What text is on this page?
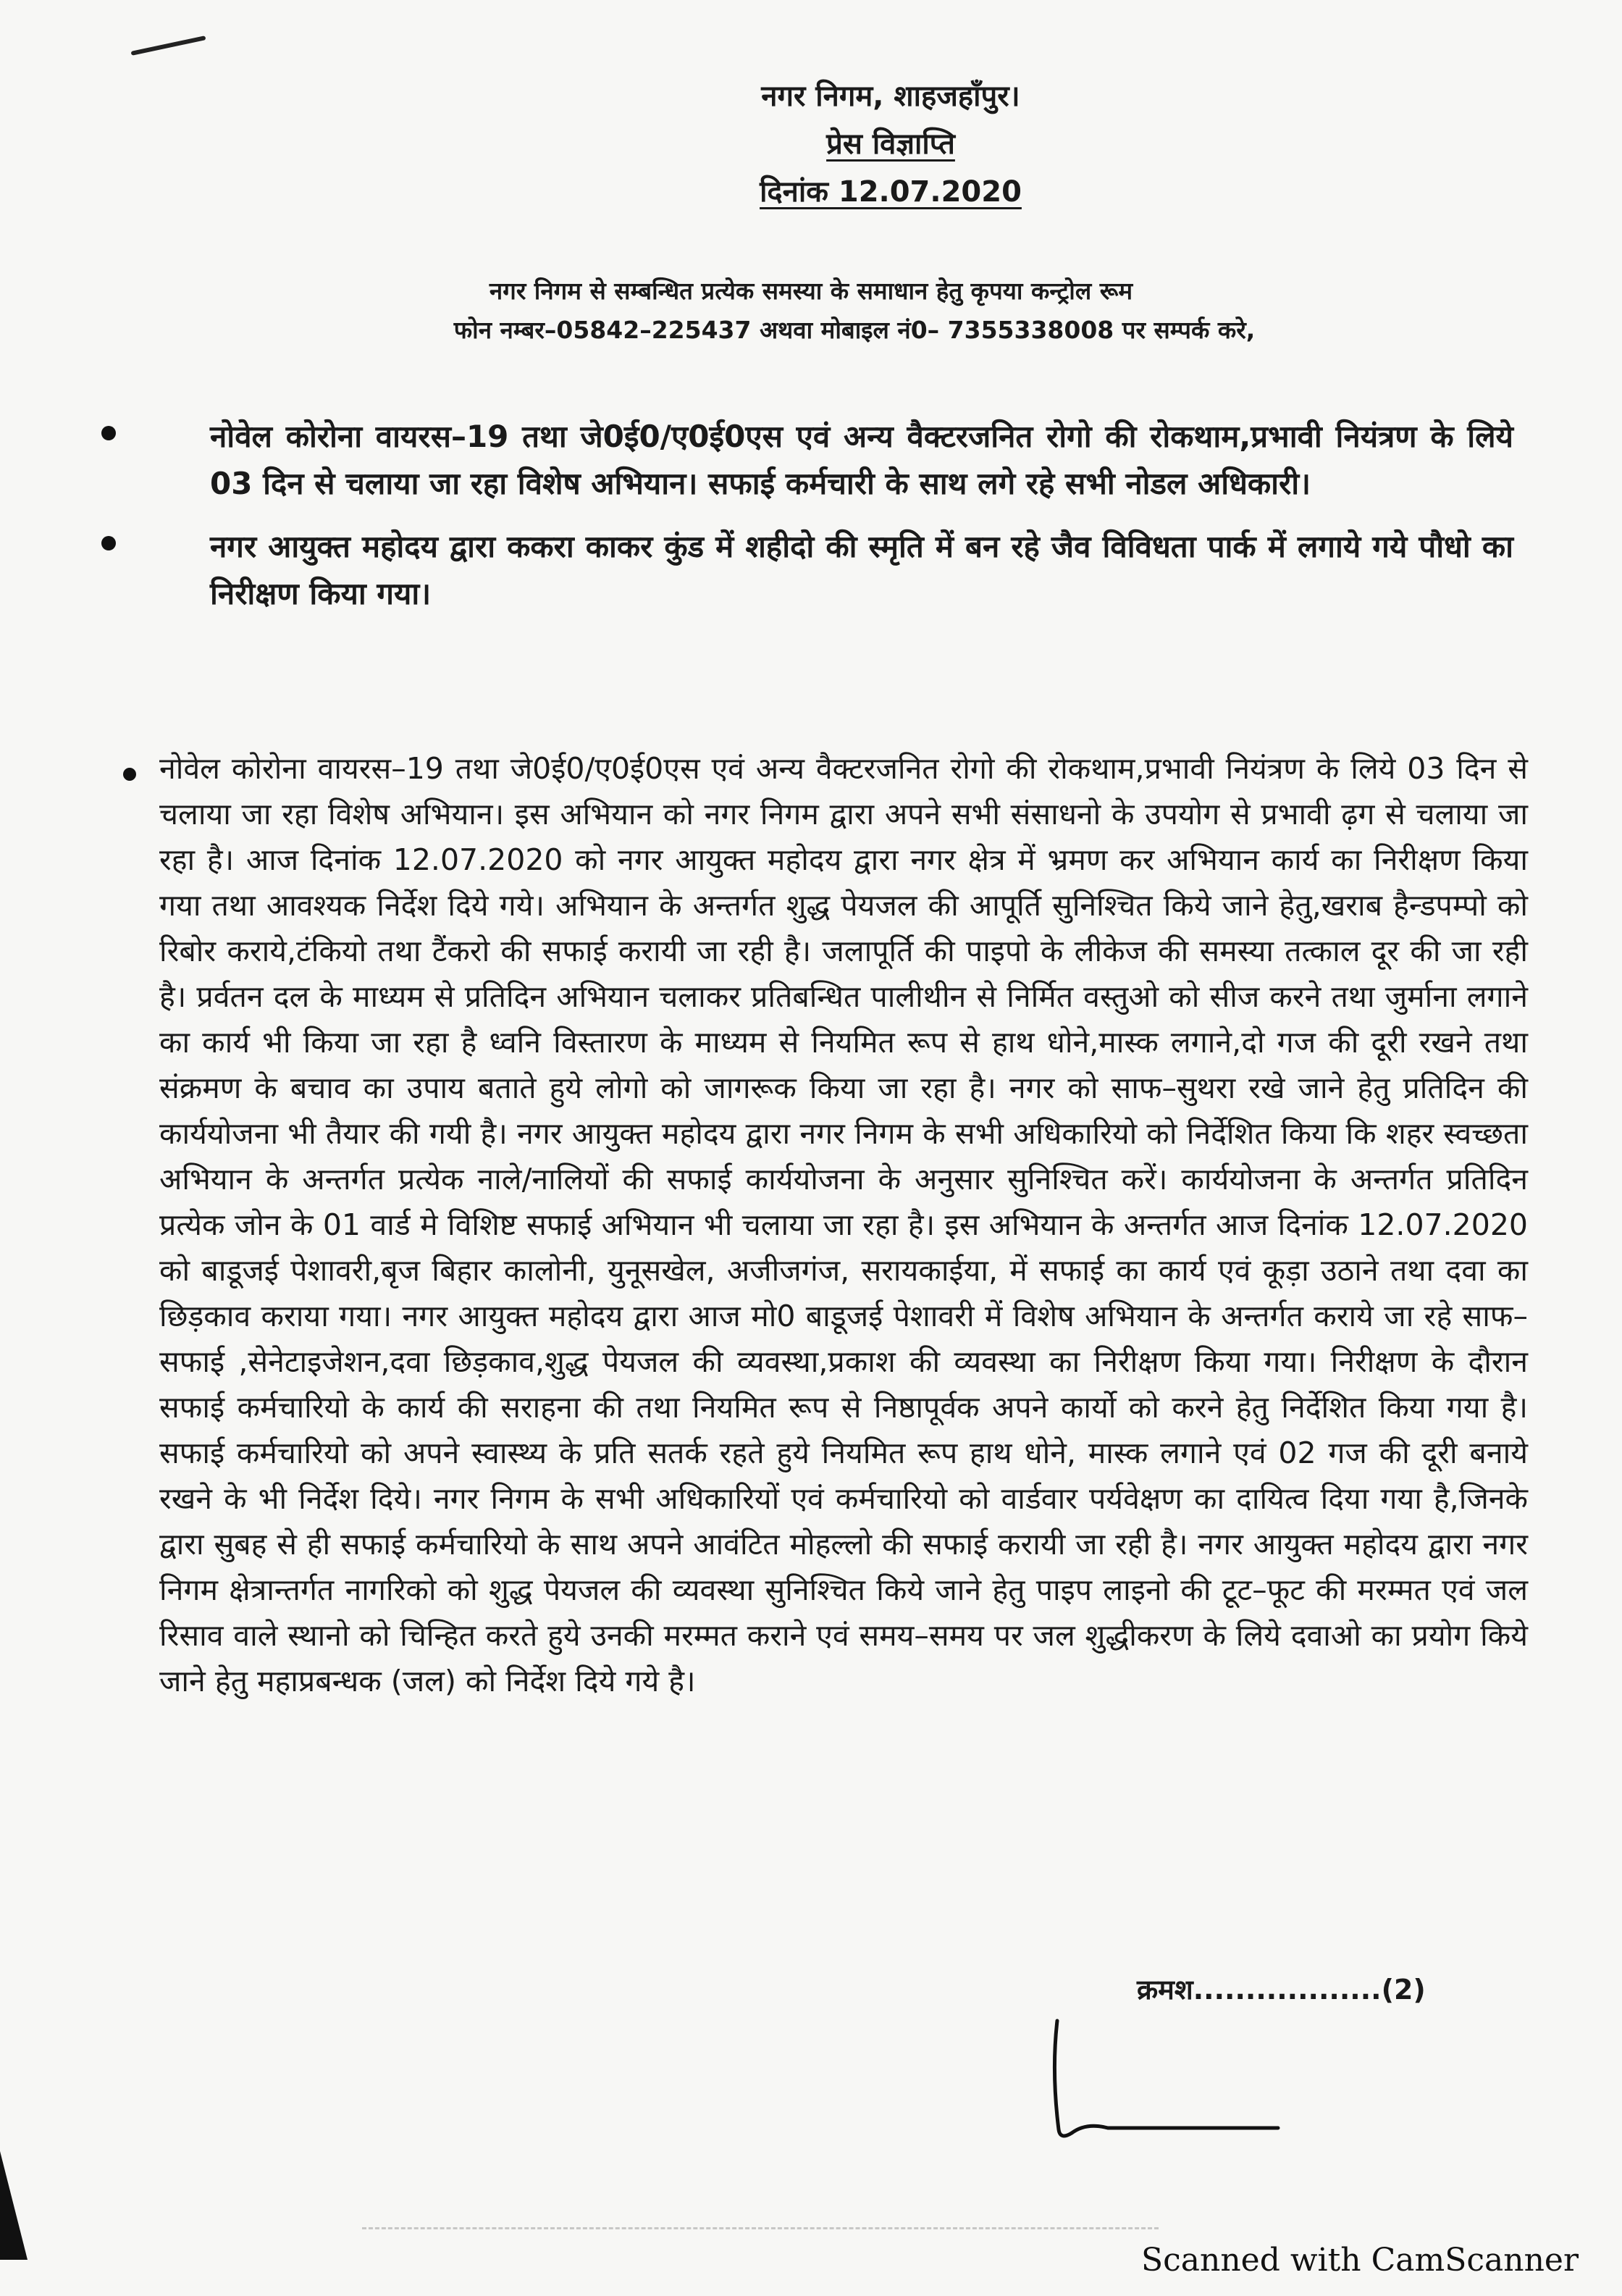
नगर निगम, शाहजहाँपुर।
प्रेस विज्ञाप्ति
दिनांक 12.07.2020
नगर निगम से सम्बन्धित प्रत्येक समस्या के समाधान हेतु कृपया कन्ट्रोल रूम
फोन नम्बर–05842–225437 अथवा मोबाइल नं0– 7355338008 पर सम्पर्क करे,
नोवेल कोरोना वायरस–19 तथा जे0ई0/ए0ई0एस एवं अन्य वैक्टरजनित रोगो की रोकथाम,प्रभावी नियंत्रण के लिये 03 दिन से चलाया जा रहा विशेष अभियान। सफाई कर्मचारी के साथ लगे रहे सभी नोडल अधिकारी।
नगर आयुक्त महोदय द्वारा ककरा काकर कुंड में शहीदो की स्मृति में बन रहे जैव विविधता पार्क में लगाये गये पौधो का निरीक्षण किया गया।
नोवेल कोरोना वायरस–19 तथा जे0ई0/ए0ई0एस एवं अन्य वैक्टरजनित रोगो की रोकथाम,प्रभावी नियंत्रण के लिये 03 दिन से चलाया जा रहा विशेष अभियान। इस अभियान को नगर निगम द्वारा अपने सभी संसाधनो के उपयोग से प्रभावी ढ़ग से चलाया जा रहा है। आज दिनांक 12.07.2020 को नगर आयुक्त महोदय द्वारा नगर क्षेत्र में भ्रमण कर अभियान कार्य का निरीक्षण किया गया तथा आवश्यक निर्देश दिये गये। अभियान के अन्तर्गत शुद्ध पेयजल की आपूर्ति सुनिश्चित किये जाने हेतु,खराब हैन्डपम्पो को रिबोर कराये,टंकियो तथा टैंकरो की सफाई करायी जा रही है। जलापूर्ति की पाइपो के लीकेज की समस्या तत्काल दूर की जा रही है। प्रर्वतन दल के माध्यम से प्रतिदिन अभियान चलाकर प्रतिबन्धित पालीथीन से निर्मित वस्तुओ को सीज करने तथा जुर्माना लगाने का कार्य भी किया जा रहा है ध्वनि विस्तारण के माध्यम से नियमित रूप से हाथ धोने,मास्क लगाने,दो गज की दूरी रखने तथा संक्रमण के बचाव का उपाय बताते हुये लोगो को जागरूक किया जा रहा है। नगर को साफ–सुथरा रखे जाने हेतु प्रतिदिन की कार्ययोजना भी तैयार की गयी है। नगर आयुक्त महोदय द्वारा नगर निगम के सभी अधिकारियो को निर्देशित किया कि शहर स्वच्छता अभियान के अन्तर्गत प्रत्येक नाले/नालियों की सफाई कार्ययोजना के अनुसार सुनिश्चित करें। कार्ययोजना के अन्तर्गत प्रतिदिन प्रत्येक जोन के 01 वार्ड मे विशिष्ट सफाई अभियान भी चलाया जा रहा है। इस अभियान के अन्तर्गत आज दिनांक 12.07.2020 को बाडूजई पेशावरी,बृज बिहार कालोनी, युनूसखेल, अजीजगंज, सरायकाईया, में सफाई का कार्य एवं कूड़ा उठाने तथा दवा का छिड़काव कराया गया। नगर आयुक्त महोदय द्वारा आज मो0 बाडूजई पेशावरी में विशेष अभियान के अन्तर्गत कराये जा रहे साफ–सफाई ,सेनेटाइजेशन,दवा छिड़काव,शुद्ध पेयजल की व्यवस्था,प्रकाश की व्यवस्था का निरीक्षण किया गया। निरीक्षण के दौरान सफाई कर्मचारियो के कार्य की सराहना की तथा नियमित रूप से निष्ठापूर्वक अपने कार्यो को करने हेतु निर्देशित किया गया है। सफाई कर्मचारियो को अपने स्वास्थ्य के प्रति सतर्क रहते हुये नियमित रूप हाथ धोने, मास्क लगाने एवं 02 गज की दूरी बनाये रखने के भी निर्देश दिये। नगर निगम के सभी अधिकारियों एवं कर्मचारियो को वार्डवार पर्यवेक्षण का दायित्व दिया गया है,जिनके द्वारा सुबह से ही सफाई कर्मचारियो के साथ अपने आवंटित मोहल्लो की सफाई करायी जा रही है। नगर आयुक्त महोदय द्वारा नगर निगम क्षेत्रान्तर्गत नागरिको को शुद्ध पेयजल की व्यवस्था सुनिश्चित किये जाने हेतु पाइप लाइनो की टूट–फूट की मरम्मत एवं जल रिसाव वाले स्थानो को चिन्हित करते हुये उनकी मरम्मत कराने एवं समय–समय पर जल शुद्धीकरण के लिये दवाओ का प्रयोग किये जाने हेतु महाप्रबन्धक (जल) को निर्देश दिये गये है।
क्रमश..................(2)
Scanned with CamScanner
